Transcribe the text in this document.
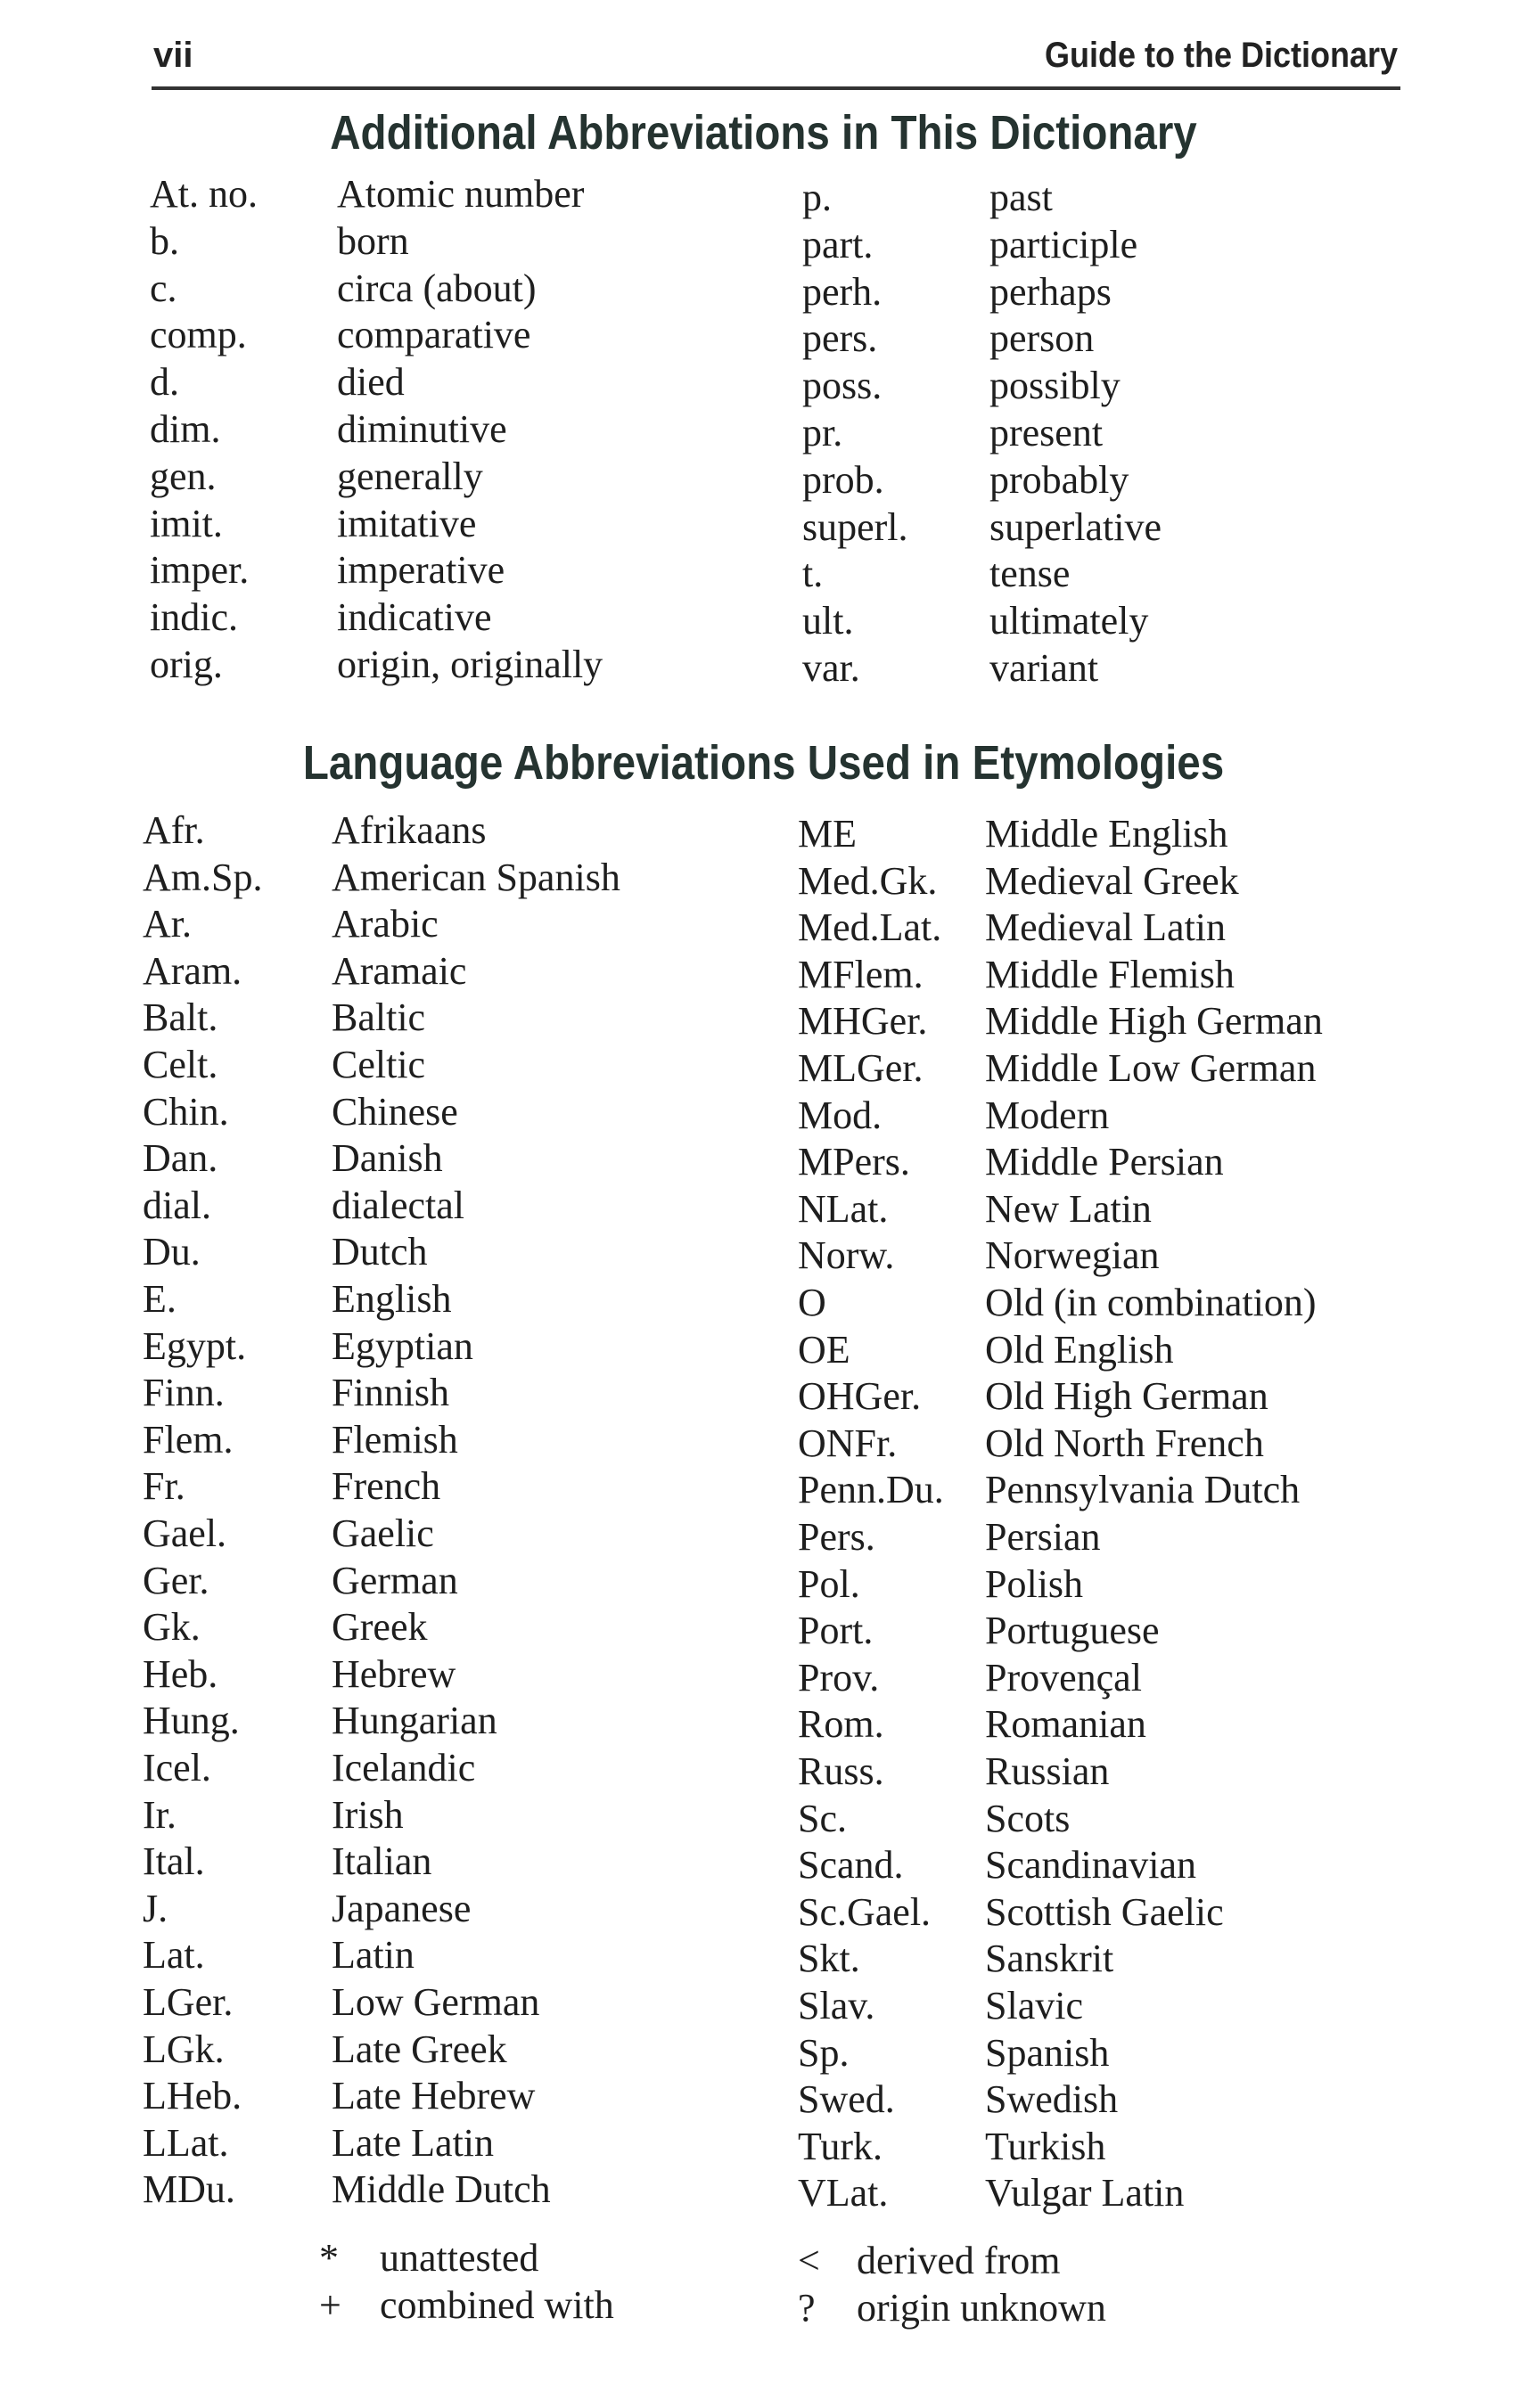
vii	Guide to the Dictionary
Additional Abbreviations in This Dictionary
At. no. Atomic number
b.	born
c.	circa (about)
comp. comparative
d.	died
dim.	diminutive
gen.	generally
imit.	imitative
imper. imperative
indic.	indicative
orig.	origin, originally
p.	past
part.	participle
perh.	perhaps
pers.	person
poss.	possibly
pr.	present
prob.	probably
superl. superlative
t.	tense
ult.	ultimately
var.	variant
Language Abbreviations Used in Etymologies
Afr.	Afrikaans
Am.Sp. American Spanish
Ar.	Arabic
Aram. Aramaic
Balt.	Baltic
Celt.	Celtic
Chin.	Chinese
Dan.	Danish
dial.	dialectal
Du.	Dutch
E.	English
Egypt. Egyptian
Finn.	Finnish
Flem.	Flemish
Fr.	French
Gael.	Gaelic
Ger.	German
Gk.	Greek
Heb.	Hebrew
Hung. Hungarian
Icel.	Icelandic
Ir.	Irish
Ital.	Italian
J.	Japanese
Lat.	Latin
LGer.	Low German
LGk.	Late Greek
LHeb. Late Hebrew
LLat.	Late Latin
MDu. Middle Dutch
ME	Middle English
Med.Gk. Medieval Greek
Med.Lat. Medieval Latin
MFlem. Middle Flemish
MHGer. Middle High German
MLGer. Middle Low German
Mod.	Modern
MPers. Middle Persian
NLat. New Latin
Norw. Norwegian
O	Old (in combination)
OE	Old English
OHGer. Old High German
ONFr. Old North French
Penn.Du. Pennsylvania Dutch
Pers.	Persian
Pol.	Polish
Port.	Portuguese
Prov.	Provençal
Rom.	Romanian
Russ.	Russian
Sc.	Scots
Scand. Scandinavian
Sc.Gael. Scottish Gaelic
Skt.	Sanskrit
Slav.	Slavic
Sp.	Spanish
Swed. Swedish
Turk.	Turkish
VLat. Vulgar Latin
* unattested
+ combined with
< derived from
? origin unknown
